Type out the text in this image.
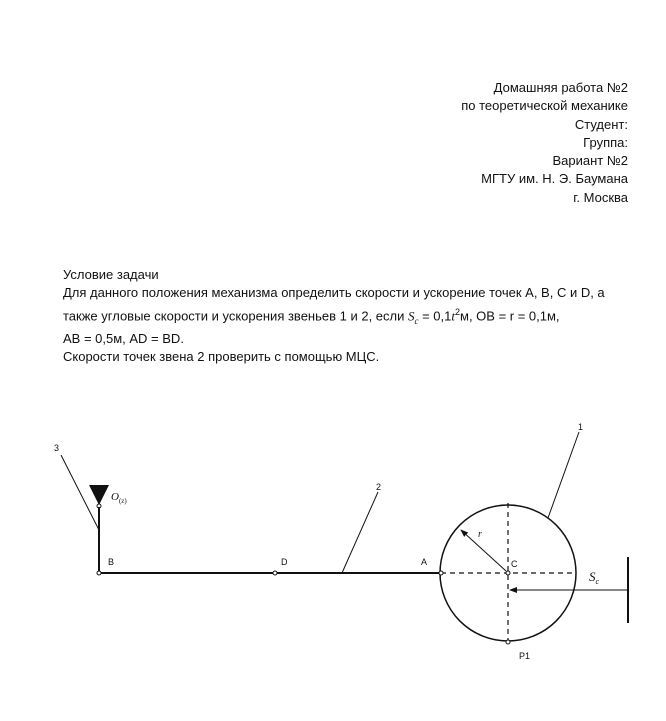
Домашняя работа №2
по теоретической механике
Студент:
Группа:
Вариант №2
МГТУ им. Н. Э. Баумана
г. Москва
Условие задачи
Для данного положения механизма определить скорости и ускорение точек A, B, C и D, а
также угловые скорости и ускорения звеньев 1 и 2, если $S_c = 0,1t^2м$, OB = r = 0,1м,
AB = 0,5м, AD = BD.
Скорости точек звена 2 проверить с помощью МЦС.
1
2
3
$O_{(z)}$
B	D	A	C
P1
r
$S_c$
